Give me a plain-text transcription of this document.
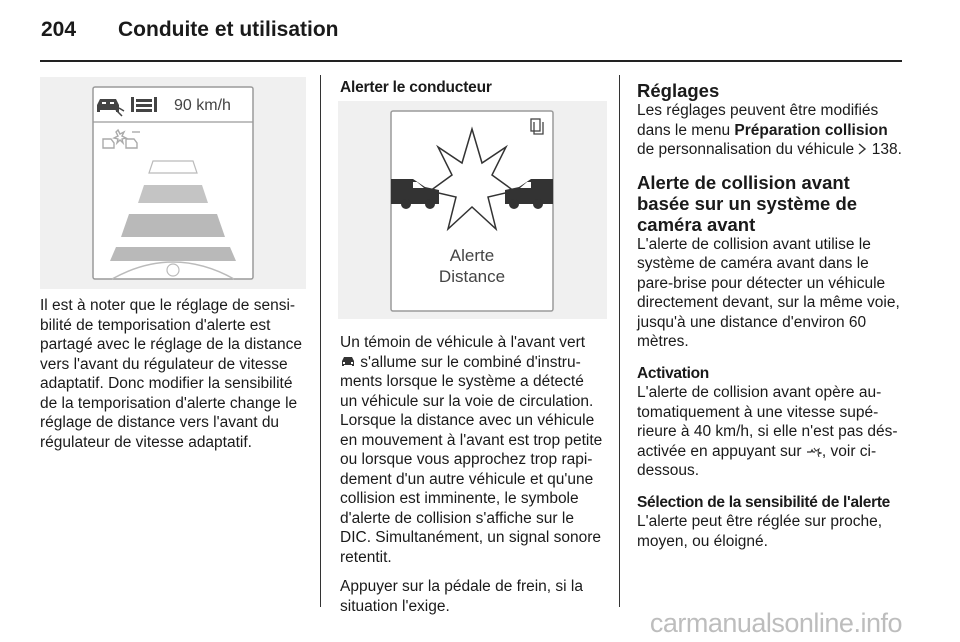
204 Conduite et utilisation
90 km/h

Il est à noter que le réglage de sensibilité de temporisation d'alerte est partagé avec le réglage de la distance vers l'avant du régulateur de vitesse adaptatif. Donc modifier la sensibilité de la temporisation d'alerte change le réglage de distance vers l'avant du régulateur de vitesse adaptatif.

Alerter le conducteur
Alerte
Distance

Un témoin de véhicule à l'avant vert  s'allume sur le combiné d'instruments lorsque le système a détecté un véhicule sur la voie de circulation. Lorsque la distance avec un véhicule en mouvement à l'avant est trop petite ou lorsque vous approchez trop rapidement d'un autre véhicule et qu'une collision est imminente, le symbole d'alerte de collision s'affiche sur le DIC. Simultanément, un signal sonore retentit.

Appuyer sur la pédale de frein, si la situation l'exige.

Réglages

Les réglages peuvent être modifiés dans le menu Préparation collision de personnalisation du véhicule  138.

Alerte de collision avant basée sur un système de caméra avant

L'alerte de collision avant utilise le système de caméra avant dans le pare-brise pour détecter un véhicule directement devant, sur la même voie, jusqu'à une distance d'environ 60 mètres.

Activation

L'alerte de collision avant opère automatiquement à une vitesse supérieure à 40 km/h, si elle n'est pas désactivée en appuyant sur , voir ci-dessous.

Sélection de la sensibilité de l'alerte

L'alerte peut être réglée sur proche, moyen, ou éloigné.

carmanualsonline.info
